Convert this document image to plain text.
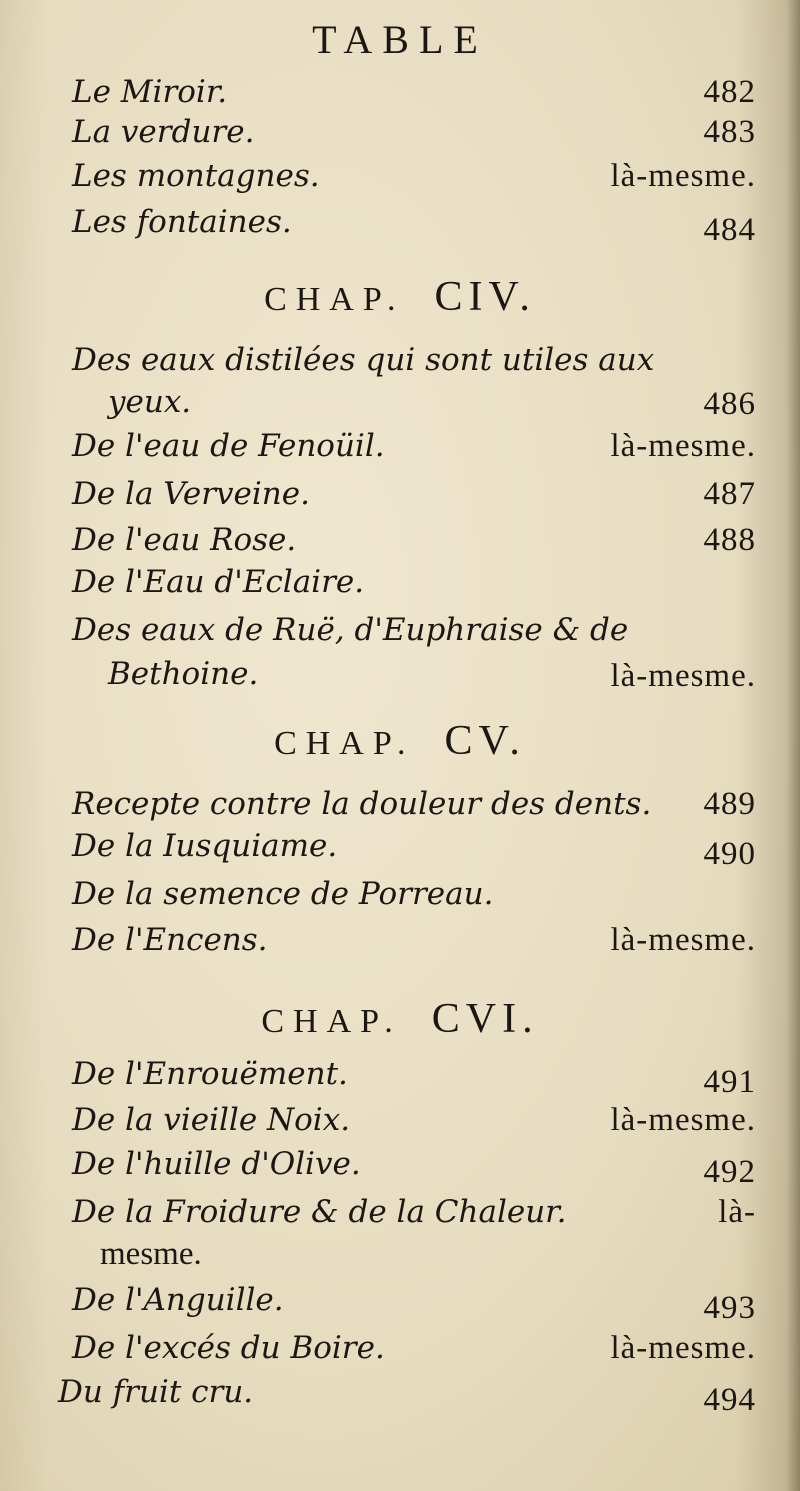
TABLE
Le Miroir.	482
La verdure.	483
Les montagnes.	là-mesme.
Les fontaines.	484
CHAP. CIV.
Des eaux distilées qui sont utiles aux
yeux.	486
De l'eau de Fenoüil.	là-mesme.
De la Verveine.	487
De l'eau Rose.	488
De l'Eau d'Eclaire.
Des eaux de Ruë, d'Euphraise & de
Bethoine.	là-mesme.
CHAP. CV.
Recepte contre la douleur des dents. 489
De la Iusquiame.	490
De la semence de Porreau.
De l'Encens.	là-mesme.
CHAP. CVI.
De l'Enrouëment.	491
De la vieille Noix.	là-mesme.
De l'huille d'Olive.	492
De la Froidure & de la Chaleur.	là-
mesme.
De l'Anguille.	493
De l'excés du Boire.	là-mesme.
Du fruit cru.	494
